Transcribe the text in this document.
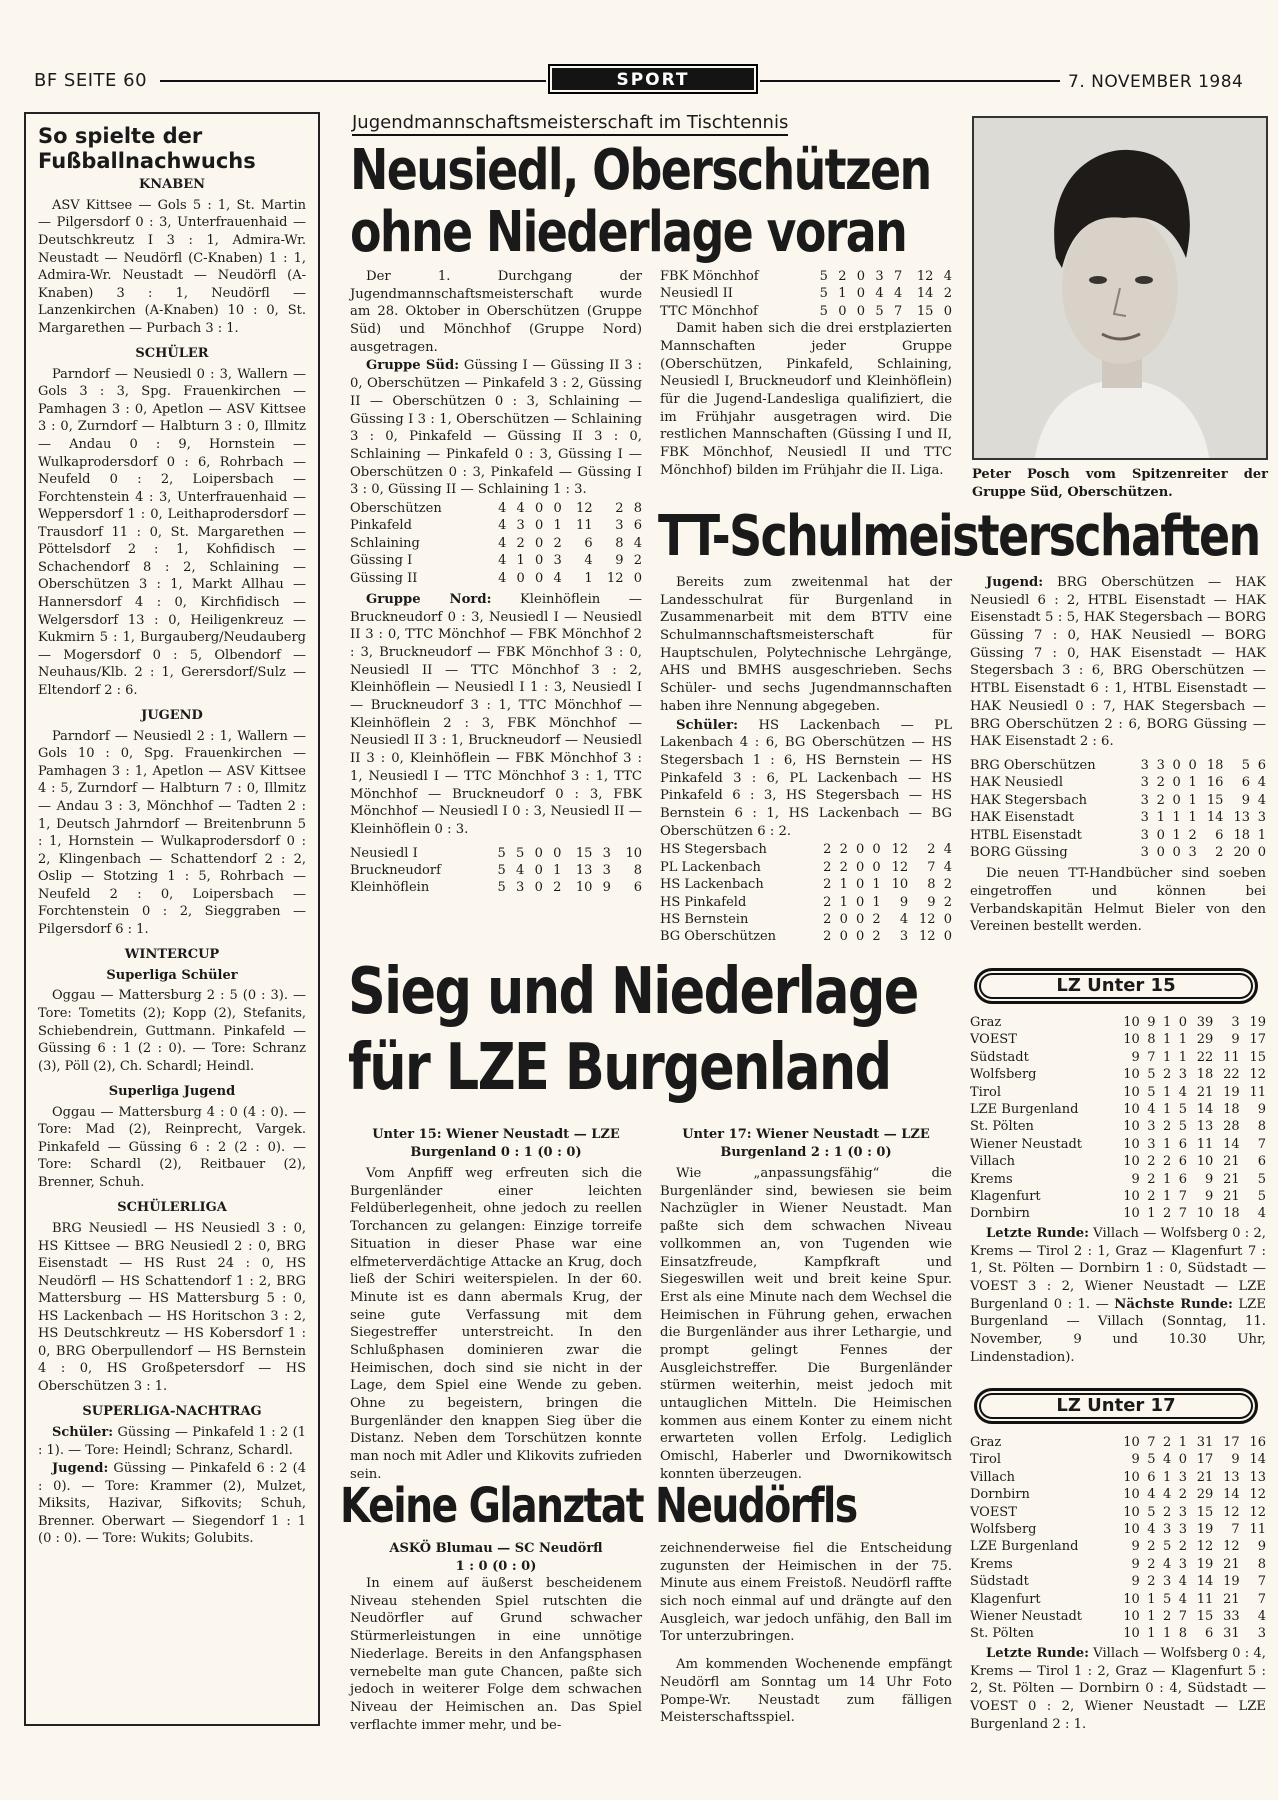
BF SEITE 60	SPORT	7. NOVEMBER 1984
So spielte der Fußballnachwuchs
KNABEN

ASV Kittsee — Gols 5 : 1, St. Martin — Pilgersdorf 0 : 3, Unterfrauenhaid — Deutschkreutz I 3 : 1, Admira-Wr. Neustadt — Neudörfl (C-Knaben) 1 : 1, Admira-Wr. Neustadt — Neudörfl (A-Knaben) 3 : 1, Neudörfl — Lanzenkirchen (A-Knaben) 10 : 0, St. Margarethen — Purbach 3 : 1.

SCHÜLER

Parndorf — Neusiedl 0 : 3, Wallern — Gols 3 : 3, Spg. Frauenkirchen — Pamhagen 3 : 0, Apetlon — ASV Kittsee 3 : 0, Zurndorf — Halbturn 3 : 0, Illmitz — Andau 0 : 9, Hornstein — Wulkaprodersdorf 0 : 6, Rohrbach — Neufeld 0 : 2, Loipersbach — Forchtenstein 4 : 3, Unterfrauenhaid — Weppersdorf 1 : 0, Leithaprodersdorf — Trausdorf 11 : 0, St. Margarethen — Pöttelsdorf 2 : 1, Kohfidisch — Schachendorf 8 : 2, Schlaining — Oberschützen 3 : 1, Markt Allhau — Hannersdorf 4 : 0, Kirchfidisch — Welgersdorf 13 : 0, Heiligenkreuz — Kukmirn 5 : 1, Burgauberg/Neudauberg — Mogersdorf 0 : 5, Olbendorf — Neuhaus/Klb. 2 : 1, Gerersdorf/Sulz — Eltendorf 2 : 6.

JUGEND

Parndorf — Neusiedl 2 : 1, Wallern — Gols 10 : 0, Spg. Frauenkirchen — Pamhagen 3 : 1, Apetlon — ASV Kittsee 4 : 5, Zurndorf — Halbturn 7 : 0, Illmitz — Andau 3 : 3, Mönchhof — Tadten 2 : 1, Deutsch Jahrndorf — Breitenbrunn 5 : 1, Hornstein — Wulkaprodersdorf 0 : 2, Klingenbach — Schattendorf 2 : 2, Oslip — Stotzing 1 : 5, Rohrbach — Neufeld 2 : 0, Loipersbach — Forchtenstein 0 : 2, Sieggraben — Pilgersdorf 6 : 1.

WINTERCUP
Superliga Schüler

Oggau — Mattersburg 2 : 5 (0 : 3). — Tore: Tometits (2); Kopp (2), Stefanits, Schiebendrein, Guttmann. Pinkafeld — Güssing 6 : 1 (2 : 0). — Tore: Schranz (3), Pöll (2), Ch. Schardl; Heindl.

Superliga Jugend

Oggau — Mattersburg 4 : 0 (4 : 0). — Tore: Mad (2), Reinprecht, Vargek. Pinkafeld — Güssing 6 : 2 (2 : 0). — Tore: Schardl (2), Reitbauer (2), Brenner, Schuh.

SCHÜLERLIGA

BRG Neusiedl — HS Neusiedl 3 : 0, HS Kittsee — BRG Neusiedl 2 : 0, BRG Eisenstadt — HS Rust 24 : 0, HS Neudörfl — HS Schattendorf 1 : 2, BRG Mattersburg — HS Mattersburg 5 : 0, HS Lackenbach — HS Horitschon 3 : 2, HS Deutschkreutz — HS Kobersdorf 1 : 0, BRG Oberpullendorf — HS Bernstein 4 : 0, HS Großpetersdorf — HS Oberschützen 3 : 1.

SUPERLIGA-NACHTRAG

Schüler: Güssing — Pinkafeld 1 : 2 (1 : 1). — Tore: Heindl; Schranz, Schardl.

Jugend: Güssing — Pinkafeld 6 : 2 (4 : 0). — Tore: Krammer (2), Mulzet, Miksits, Hazivar, Sifkovits; Schuh, Brenner. Oberwart — Siegendorf 1 : 1 (0 : 0). — Tore: Wukits; Golubits.

Jugendmannschaftsmeisterschaft im Tischtennis
Neusiedl, Oberschützen
ohne Niederlage voran

Der 1. Durchgang der Jugendmannschaftsmeisterschaft wurde am 28. Oktober in Oberschützen (Gruppe Süd) und Mönchhof (Gruppe Nord) ausgetragen.

Gruppe Süd: Güssing I — Güssing II 3 : 0, Oberschützen — Pinkafeld 3 : 2, Güssing II — Oberschützen 0 : 3, Schlaining — Güssing I 3 : 1, Oberschützen — Schlaining 3 : 0, Pinkafeld — Güssing II 3 : 0, Schlaining — Pinkafeld 0 : 3, Güssing I — Oberschützen 0 : 3, Pinkafeld — Güssing I 3 : 0, Güssing II — Schlaining 1 : 3.

Oberschützen	4	4	0	0	12	2	8
Pinkafeld	4	3	0	1	11	3	6
Schlaining	4	2	0	2	6	8	4
Güssing I	4	1	0	3	4	9	2
Güssing II	4	0	0	4	1	12	0

Gruppe Nord: Kleinhöflein — Bruckneudorf 0 : 3, Neusiedl I — Neusiedl II 3 : 0, TTC Mönchhof — FBK Mönchhof 2 : 3, Bruckneudorf — FBK Mönchhof 3 : 0, Neusiedl II — TTC Mönchhof 3 : 2, Kleinhöflein — Neusiedl I 1 : 3, Neusiedl I — Bruckneudorf 3 : 1, TTC Mönchhof — Kleinhöflein 2 : 3, FBK Mönchhof — Neusiedl II 3 : 1, Bruckneudorf — Neusiedl II 3 : 0, Kleinhöflein — FBK Mönchhof 3 : 1, Neusiedl I — TTC Mönchhof 3 : 1, TTC Mönchhof — Bruckneudorf 0 : 3, FBK Mönchhof — Neusiedl I 0 : 3, Neusiedl II — Kleinhöflein 0 : 3.

Neusiedl I	5	5	0	0	15	3	10
Bruckneudorf	5	4	0	1	13	3	8
Kleinhöflein	5	3	0	2	10	9	6
FBK Mönchhof	5	2	0	3	7	12	4
Neusiedl II	5	1	0	4	4	14	2
TTC Mönchhof	5	0	0	5	7	15	0

Damit haben sich die drei erstplazierten Mannschaften jeder Gruppe (Oberschützen, Pinkafeld, Schlaining, Neusiedl I, Bruckneudorf und Kleinhöflein) für die Jugend-Landesliga qualifiziert, die im Frühjahr ausgetragen wird. Die restlichen Mannschaften (Güssing I und II, FBK Mönchhof, Neusiedl II und TTC Mönchhof) bilden im Frühjahr die II. Liga.	Peter Posch vom Spitzenreiter der Gruppe Süd, Oberschützen.
TT-Schulmeisterschaften

Bereits zum zweitenmal hat der Landesschulrat für Burgenland in Zusammenarbeit mit dem BTTV eine Schulmannschaftsmeisterschaft für Hauptschulen, Polytechnische Lehrgänge, AHS und BMHS ausgeschrieben. Sechs Schüler- und sechs Jugendmannschaften haben ihre Nennung abgegeben.

Schüler: HS Lackenbach — PL Lakenbach 4 : 6, BG Oberschützen — HS Stegersbach 1 : 6, HS Bernstein — HS Pinkafeld 3 : 6, PL Lackenbach — HS Pinkafeld 6 : 3, HS Stegersbach — HS Bernstein 6 : 1, HS Lackenbach — BG Oberschützen 6 : 2.

HS Stegersbach	2	2	0	0	12	2	4
PL Lackenbach	2	2	0	0	12	7	4
HS Lackenbach	2	1	0	1	10	8	2
HS Pinkafeld	2	1	0	1	9	9	2
HS Bernstein	2	0	0	2	4	12	0
BG Oberschützen	2	0	0	2	3	12	0

Jugend: BRG Oberschützen — HAK Neusiedl 6 : 2, HTBL Eisenstadt — HAK Eisenstadt 5 : 5, HAK Stegersbach — BORG Güssing 7 : 0, HAK Neusiedl — BORG Güssing 7 : 0, HAK Eisenstadt — HAK Stegersbach 3 : 6, BRG Oberschützen — HTBL Eisenstadt 6 : 1, HTBL Eisenstadt — HAK Neusiedl 0 : 7, HAK Stegersbach — BRG Oberschützen 2 : 6, BORG Güssing — HAK Eisenstadt 2 : 6.

BRG Oberschützen	3	3	0	0	18	5	6
HAK Neusiedl	3	2	0	1	16	6	4
HAK Stegersbach	3	2	0	1	15	9	4
HAK Eisenstadt	3	1	1	1	14	13	3
HTBL Eisenstadt	3	0	1	2	6	18	1
BORG Güssing	3	0	0	3	2	20	0

Die neuen TT-Handbücher sind soeben eingetroffen und können bei Verbandskapitän Helmut Bieler von den Vereinen bestellt werden.

Sieg und Niederlage
für LZE Burgenland
Unter 15: Wiener Neustadt — LZE
Burgenland 0 : 1 (0 : 0)

Vom Anpfiff weg erfreuten sich die Burgenländer einer leichten Feldüberlegenheit, ohne jedoch zu reellen Torchancen zu gelangen: Einzige torreife Situation in dieser Phase war eine elfmeterverdächtige Attacke an Krug, doch ließ der Schiri weiterspielen. In der 60. Minute ist es dann abermals Krug, der seine gute Verfassung mit dem Siegestreffer unterstreicht. In den Schlußphasen dominieren zwar die Heimischen, doch sind sie nicht in der Lage, dem Spiel eine Wende zu geben. Ohne zu begeistern, bringen die Burgenländer den knappen Sieg über die Distanz. Neben dem Torschützen konnte man noch mit Adler und Klikovits zufrieden sein.

Unter 17: Wiener Neustadt — LZE
Burgenland 2 : 1 (0 : 0)

Wie „anpassungsfähig“ die Burgenländer sind, bewiesen sie beim Nachzügler in Wiener Neustadt. Man paßte sich dem schwachen Niveau vollkommen an, von Tugenden wie Einsatzfreude, Kampfkraft und Siegeswillen weit und breit keine Spur. Erst als eine Minute nach dem Wechsel die Heimischen in Führung gehen, erwachen die Burgenländer aus ihrer Lethargie, und prompt gelingt Fennes der Ausgleichstreffer. Die Burgenländer stürmen weiterhin, meist jedoch mit untauglichen Mitteln. Die Heimischen kommen aus einem Konter zu einem nicht erwarteten vollen Erfolg. Lediglich Omischl, Haberler und Dwornikowitsch konnten überzeugen.

Keine Glanztat Neudörfls
ASKÖ Blumau — SC Neudörfl
1 : 0 (0 : 0)

In einem auf äußerst bescheidenem Niveau stehenden Spiel rutschten die Neudörfler auf Grund schwacher Stürmerleistungen in eine unnötige Niederlage. Bereits in den Anfangsphasen vernebelte man gute Chancen, paßte sich jedoch in weiterer Folge dem schwachen Niveau der Heimischen an. Das Spiel verflachte immer mehr, und be-

zeichnenderweise fiel die Entscheidung zugunsten der Heimischen in der 75. Minute aus einem Freistoß. Neudörfl raffte sich noch einmal auf und drängte auf den Ausgleich, war jedoch unfähig, den Ball im Tor unterzubringen.

Am kommenden Wochenende empfängt Neudörfl am Sonntag um 14 Uhr Foto Pompe-Wr. Neustadt zum fälligen Meisterschaftsspiel.

LZ Unter 15
Graz	10	9	1	0	39	3	19
VOEST	10	8	1	1	29	9	17
Südstadt	9	7	1	1	22	11	15
Wolfsberg	10	5	2	3	18	22	12
Tirol	10	5	1	4	21	19	11
LZE Burgenland	10	4	1	5	14	18	9
St. Pölten	10	3	2	5	13	28	8
Wiener Neustadt	10	3	1	6	11	14	7
Villach	10	2	2	6	10	21	6
Krems	9	2	1	6	9	21	5
Klagenfurt	10	2	1	7	9	21	5
Dornbirn	10	1	2	7	10	18	4

Letzte Runde: Villach — Wolfsberg 0 : 2, Krems — Tirol 2 : 1, Graz — Klagenfurt 7 : 1, St. Pölten — Dornbirn 1 : 0, Südstadt — VOEST 3 : 2, Wiener Neustadt — LZE Burgenland 0 : 1. — Nächste Runde: LZE Burgenland — Villach (Sonntag, 11. November, 9 und 10.30 Uhr, Lindenstadion).

LZ Unter 17
Graz	10	7	2	1	31	17	16
Tirol	9	5	4	0	17	9	14
Villach	10	6	1	3	21	13	13
Dornbirn	10	4	4	2	29	14	12
VOEST	10	5	2	3	15	12	12
Wolfsberg	10	4	3	3	19	7	11
LZE Burgenland	9	2	5	2	12	12	9
Krems	9	2	4	3	19	21	8
Südstadt	9	2	3	4	14	19	7
Klagenfurt	10	1	5	4	11	21	7
Wiener Neustadt	10	1	2	7	15	33	4
St. Pölten	10	1	1	8	6	31	3

Letzte Runde: Villach — Wolfsberg 0 : 4, Krems — Tirol 1 : 2, Graz — Klagenfurt 5 : 2, St. Pölten — Dornbirn 0 : 4, Südstadt — VOEST 0 : 2, Wiener Neustadt — LZE Burgenland 2 : 1.
